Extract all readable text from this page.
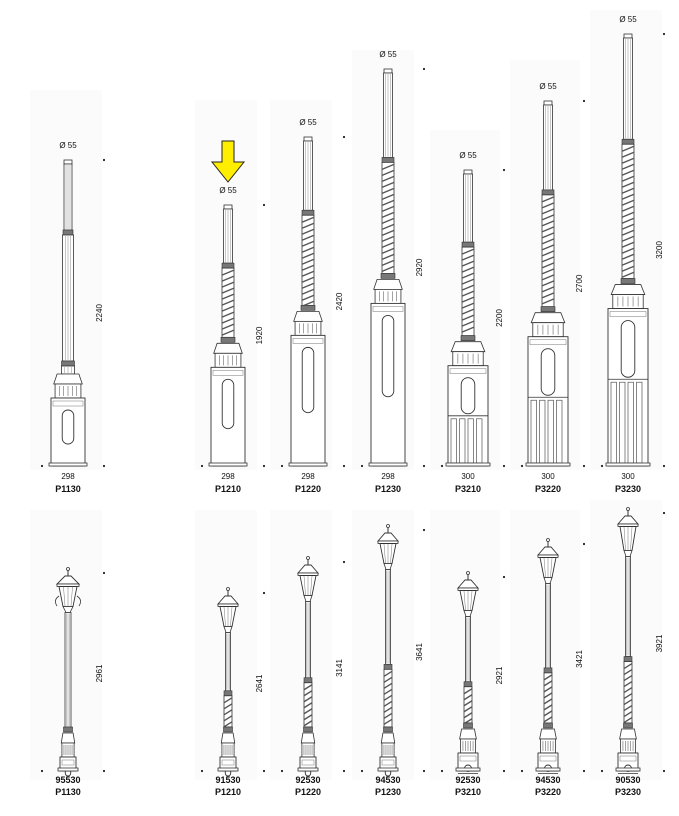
Ø 55
298
P1130
2240
Ø 55
298
P1210
1920
Ø 55
298
P1220
2420
Ø 55
298
P1230
2920
Ø 55
300
P3210
2200
Ø 55
300
P3220
2700
Ø 55
300
P3230
3200
2961
95530
P1130
2641
91530
P1210
3141
92530
P1220
3641
94530
P1230
2921
92530
P3210
3421
94530
P3220
3921
90530
P3230
